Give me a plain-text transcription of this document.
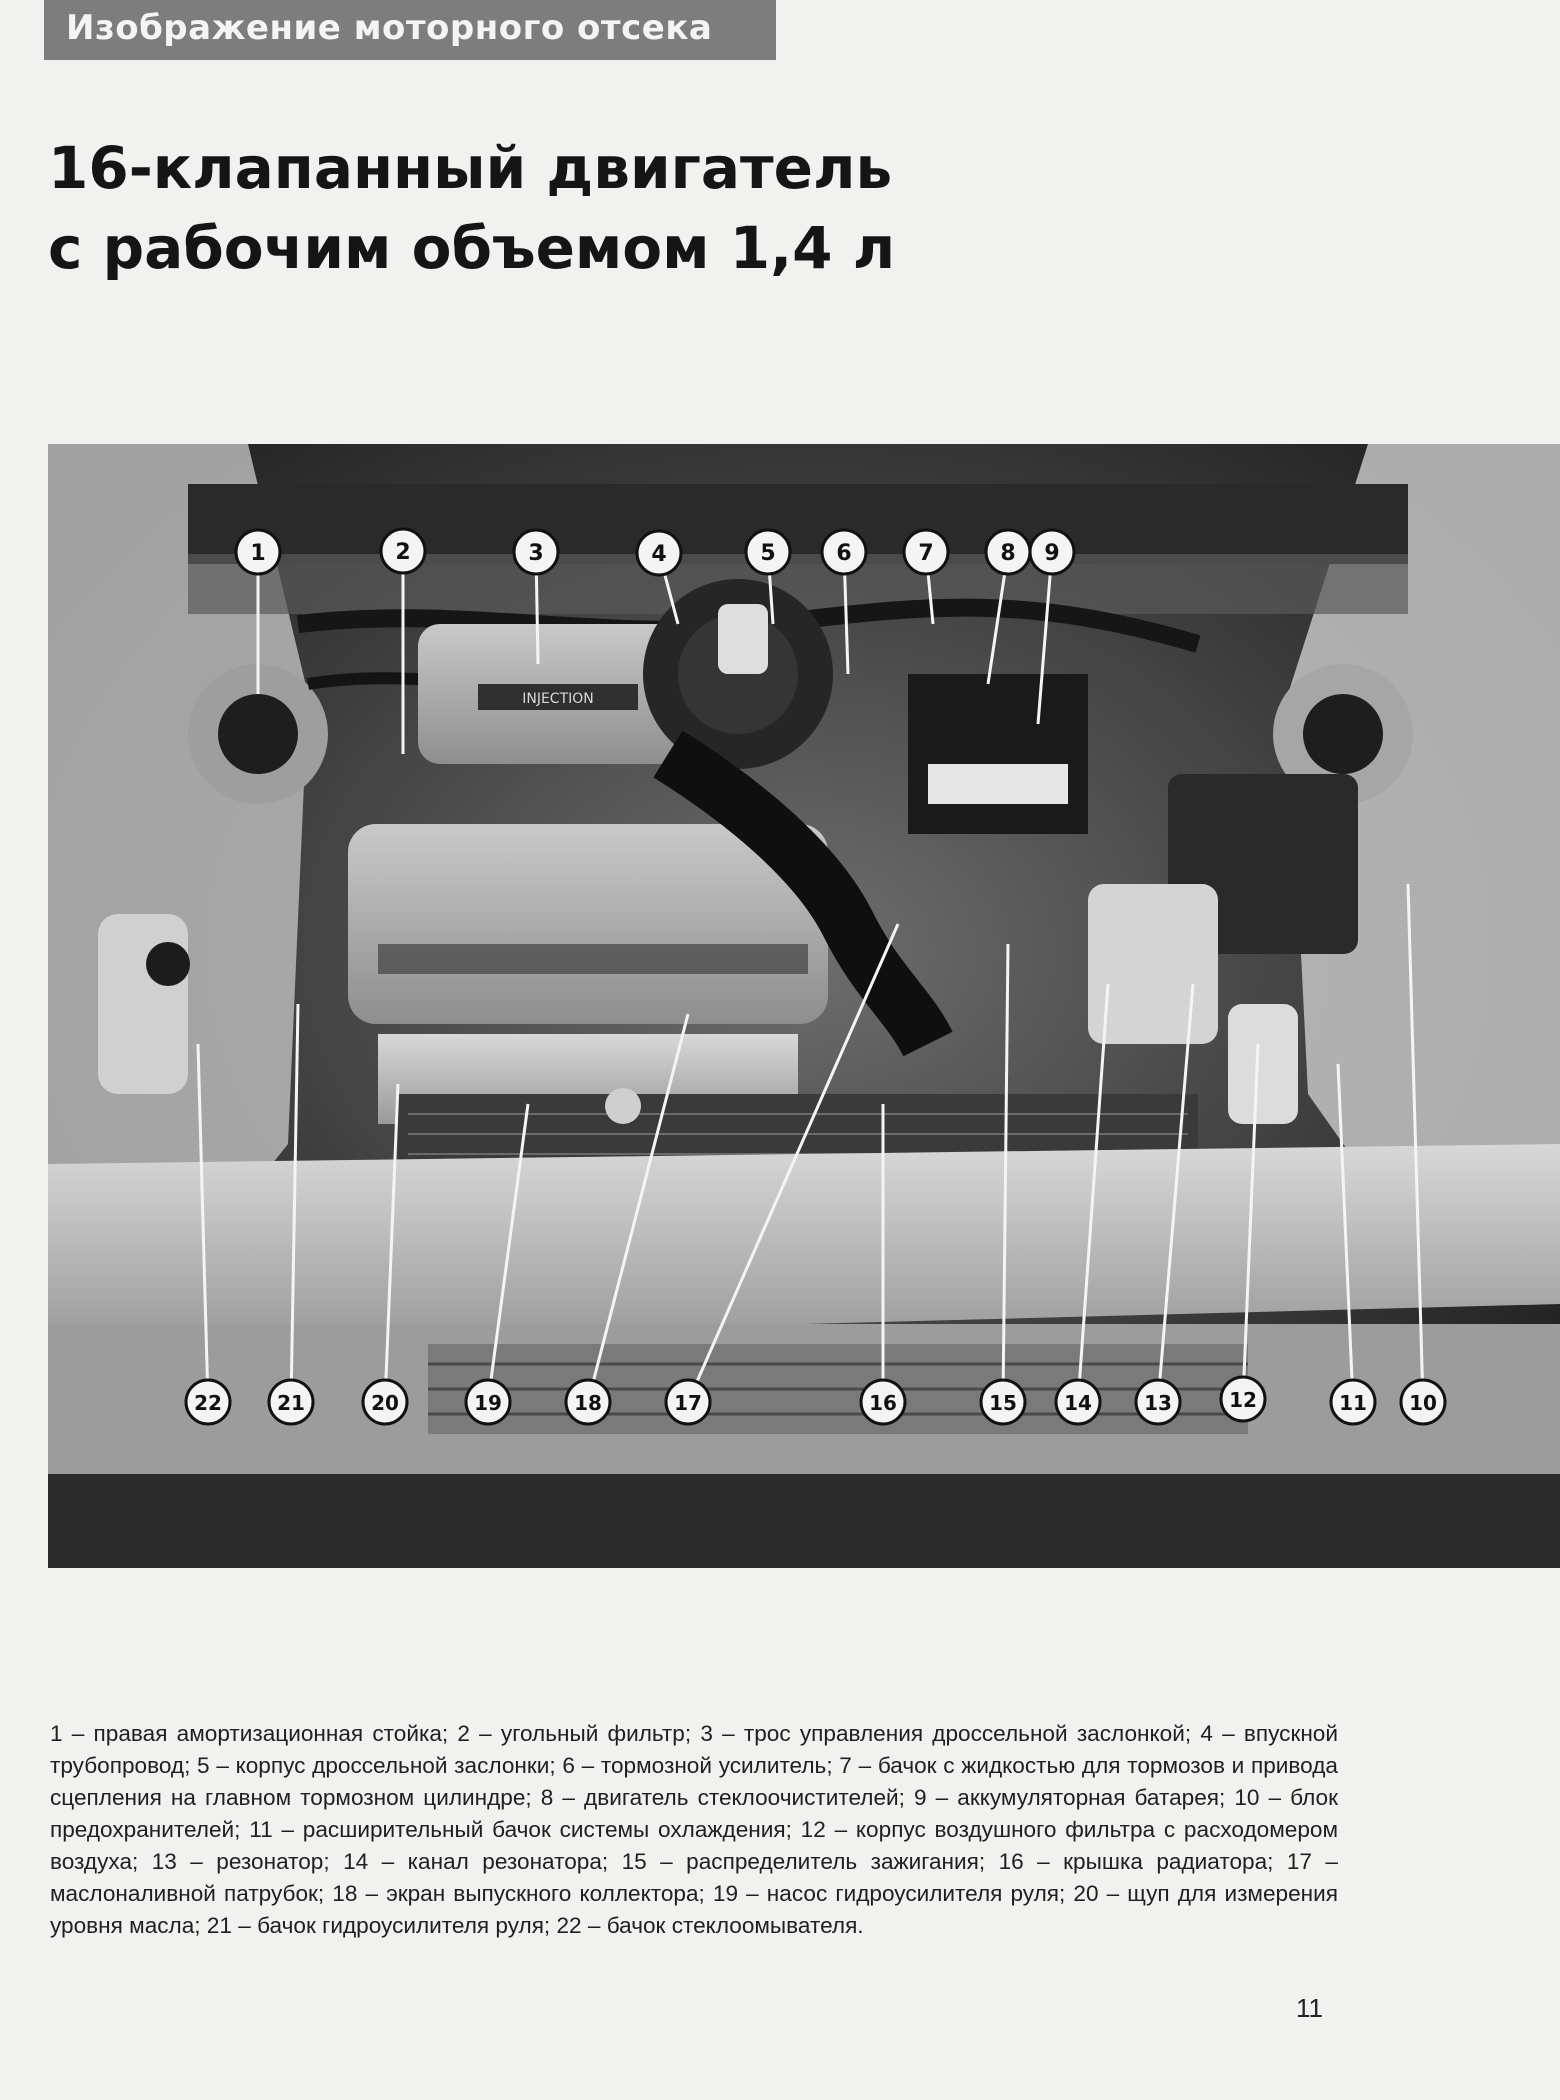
Изображение моторного отсека
16-клапанный двигатель
с рабочим объемом 1,4 л
INJECTION
1	2	3	4	5	6	7	8 9
10
11
12
13
14
15
16
17
18
19
20
21
22

1 – правая амортизационная стойка; 2 – угольный фильтр; 3 – трос управления дроссельной заслонкой; 4 – впускной трубопровод; 5 – корпус дроссельной заслонки; 6 – тормозной усилитель; 7 – бачок с жидкостью для тормозов и привода сцепления на главном тормозном цилиндре; 8 – двигатель стеклоочистителей; 9 – аккумуляторная батарея; 10 – блок предохранителей; 11 – расширительный бачок системы охлаждения; 12 – корпус воздушного фильтра с расходомером воздуха; 13 – резонатор; 14 – канал резонатора; 15 – распределитель зажигания; 16 – крышка радиатора; 17 – маслоналивной патрубок; 18 – экран выпускного коллектора; 19 – насос гидроусилителя руля; 20 – щуп для измерения уровня масла; 21 – бачок гидроусилителя руля; 22 – бачок стеклоомывателя.

11
